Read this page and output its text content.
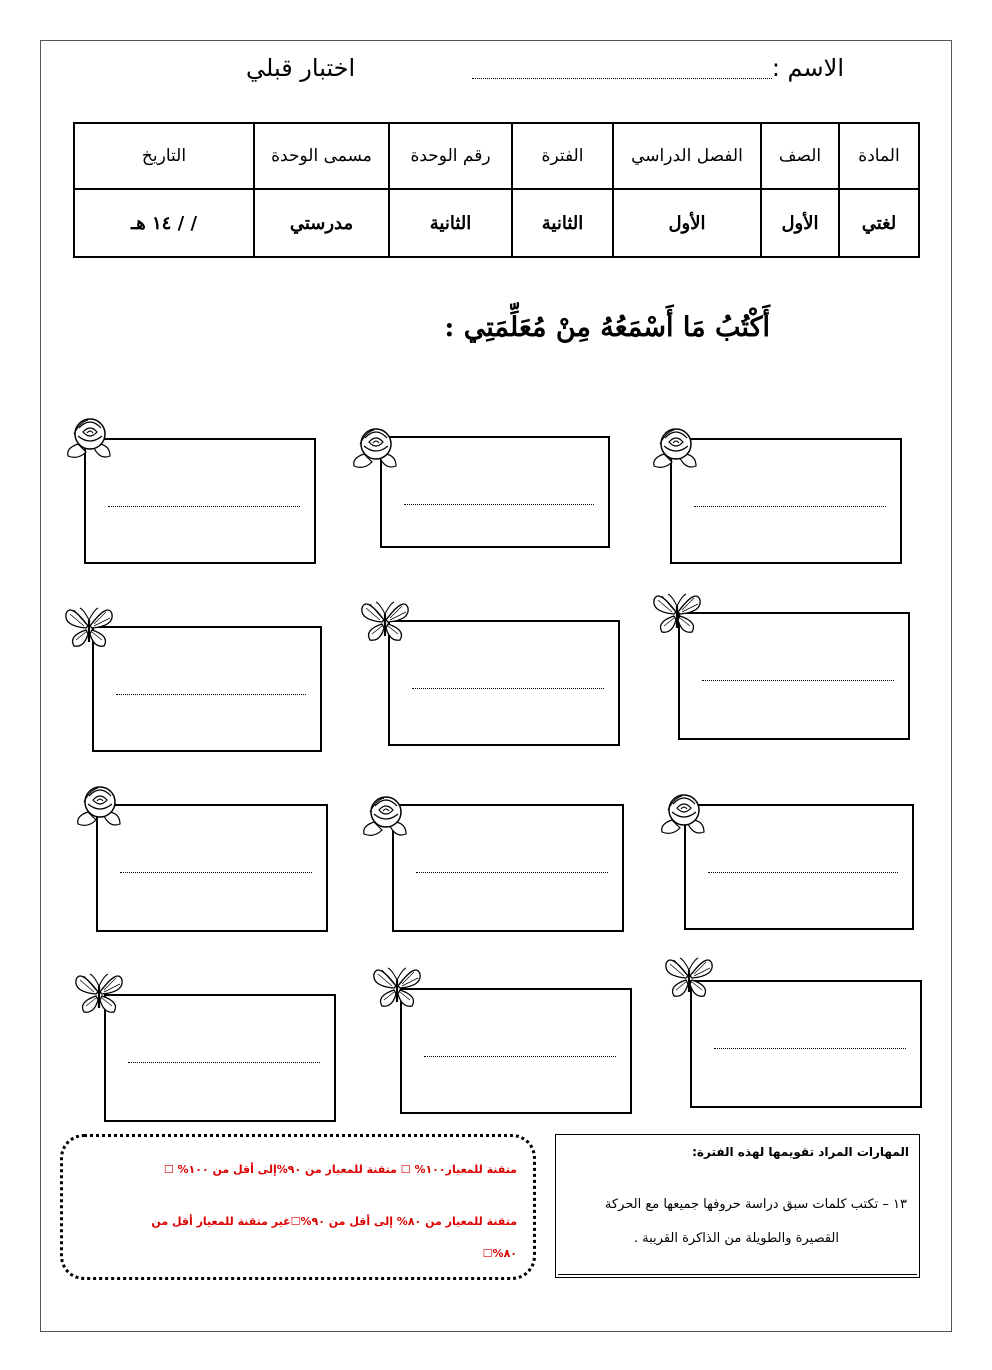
الاسم :
اختبار قبلي
المادة	الصف	الفصل الدراسي	الفترة	رقم الوحدة	مسمى الوحدة	التاريخ
لغتي	الأول	الأول	الثانية	الثانية	مدرستي	/ / ١٤ هـ
أَكْتُبُ مَا أَسْمَعُهُ مِنْ مُعَلِّمَتِي :

متقنة للمعيار١٠٠% ☐ متقنة للمعيار من ٩٠%إلى أقل من ١٠٠% ☐

متقنة للمعيار من ٨٠% إلى أقل من ٩٠%☐غير متقنة للمعيار أقل من

٨٠%☐

المهارات المراد تقويمها لهذه الفترة:
١٣ – تكتب كلمات سبق دراسة حروفها جميعها مع الحركة
القصيرة والطويلة من الذاكرة القريبة .
